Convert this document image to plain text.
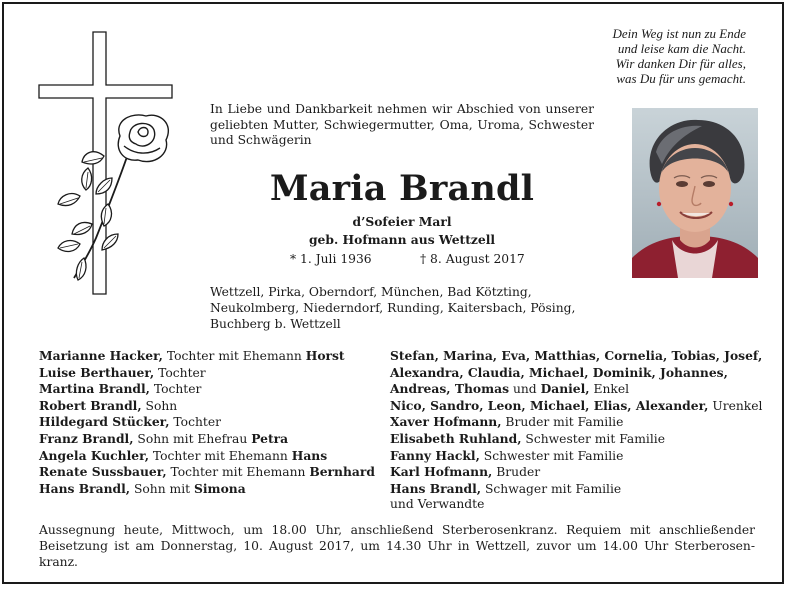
Dein Weg ist nun zu Ende
und leise kam die Nacht.
Wir danken Dir für alles,
was Du für uns gemacht.
In Liebe und Dankbarkeit nehmen wir Abschied von unserer geliebten Mutter, Schwiegermutter, Oma, Uroma, Schwester und Schwägerin
Maria Brandl
d’Sofeier Marl
geb. Hofmann aus Wettzell
* 1. Juli 1936	† 8. August 2017
Wettzell, Pirka, Oberndorf, München, Bad Kötzting, Neukolmberg, Niederndorf, Runding, Kaitersbach, Pösing, Buchberg b. Wettzell
Marianne Hacker, Tochter mit Ehemann Horst
Luise Berthauer, Tochter
Martina Brandl, Tochter
Robert Brandl, Sohn
Hildegard Stücker, Tochter
Franz Brandl, Sohn mit Ehefrau Petra
Angela Kuchler, Tochter mit Ehemann Hans
Renate Sussbauer, Tochter mit Ehemann Bernhard
Hans Brandl, Sohn mit Simona
Stefan, Marina, Eva, Matthias, Cornelia, Tobias, Josef,
Alexandra, Claudia, Michael, Dominik, Johannes,
Andreas, Thomas und Daniel, Enkel
Nico, Sandro, Leon, Michael, Elias, Alexander, Urenkel
Xaver Hofmann, Bruder mit Familie
Elisabeth Ruhland, Schwester mit Familie
Fanny Hackl, Schwester mit Familie
Karl Hofmann, Bruder
Hans Brandl, Schwager mit Familie
und Verwandte
Aussegnung heute, Mittwoch, um 18.00 Uhr, anschließend Sterberosenkranz. Requiem mit anschließender Beisetzung ist am Donnerstag, 10. August 2017, um 14.30 Uhr in Wettzell, zuvor um 14.00 Uhr Sterberosen-kranz.
